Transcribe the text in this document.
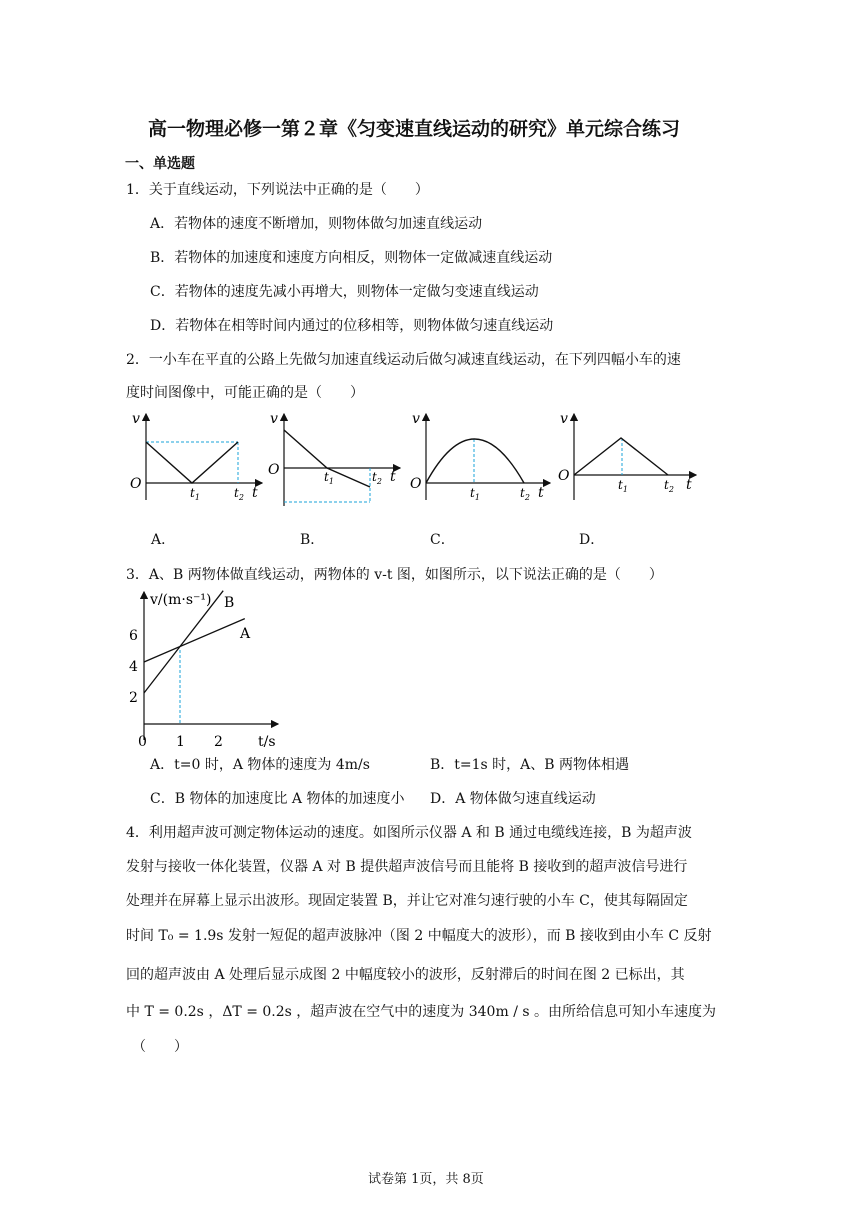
高一物理必修一第２章《匀变速直线运动的研究》单元综合练习
一、单选题
1．关于直线运动，下列说法中正确的是（　　）
A．若物体的速度不断增加，则物体做匀加速直线运动
B．若物体的加速度和速度方向相反，则物体一定做减速直线运动
C．若物体的速度先减小再增大，则物体一定做匀变速直线运动
D．若物体在相等时间内通过的位移相等，则物体做匀速直线运动
2．一小车在平直的公路上先做匀加速直线运动后做匀减速直线运动，在下列四幅小车的速
度时间图像中，可能正确的是（　　）
v
O
$t_1$	$t_2$ t
v
O	$t_1$	$t_2$ t
v
O
$t_1$	$t_2$ t
v
O
$t_1$	$t_2$ t
A．	B．	C．	D．
3．A、B 两物体做直线运动，两物体的 v-t 图，如图所示，以下说法正确的是（　　）
v/(m·s⁻¹)
t/s
0 1 2
2
4
6	A
B
A．t=0 时，A 物体的速度为 4m/s	B．t=1s 时，A、B 两物体相遇
C．B 物体的加速度比 A 物体的加速度小 D．A 物体做匀速直线运动
4．利用超声波可测定物体运动的速度。如图所示仪器 A 和 B 通过电缆线连接，B 为超声波
发射与接收一体化装置，仪器 A 对 B 提供超声波信号而且能将 B 接收到的超声波信号进行
处理并在屏幕上显示出波形。现固定装置 B，并让它对准匀速行驶的小车 C，使其每隔固定
时间 T₀ = 1.9s 发射一短促的超声波脉冲（图 2 中幅度大的波形），而 B 接收到由小车 C 反射
回的超声波由 A 处理后显示成图 2 中幅度较小的波形，反射滞后的时间在图 2 已标出，其
中 T = 0.2s ，ΔT = 0.2s ，超声波在空气中的速度为 340m / s 。由所给信息可知小车速度为
（　　）
试卷第 1页，共 8页
